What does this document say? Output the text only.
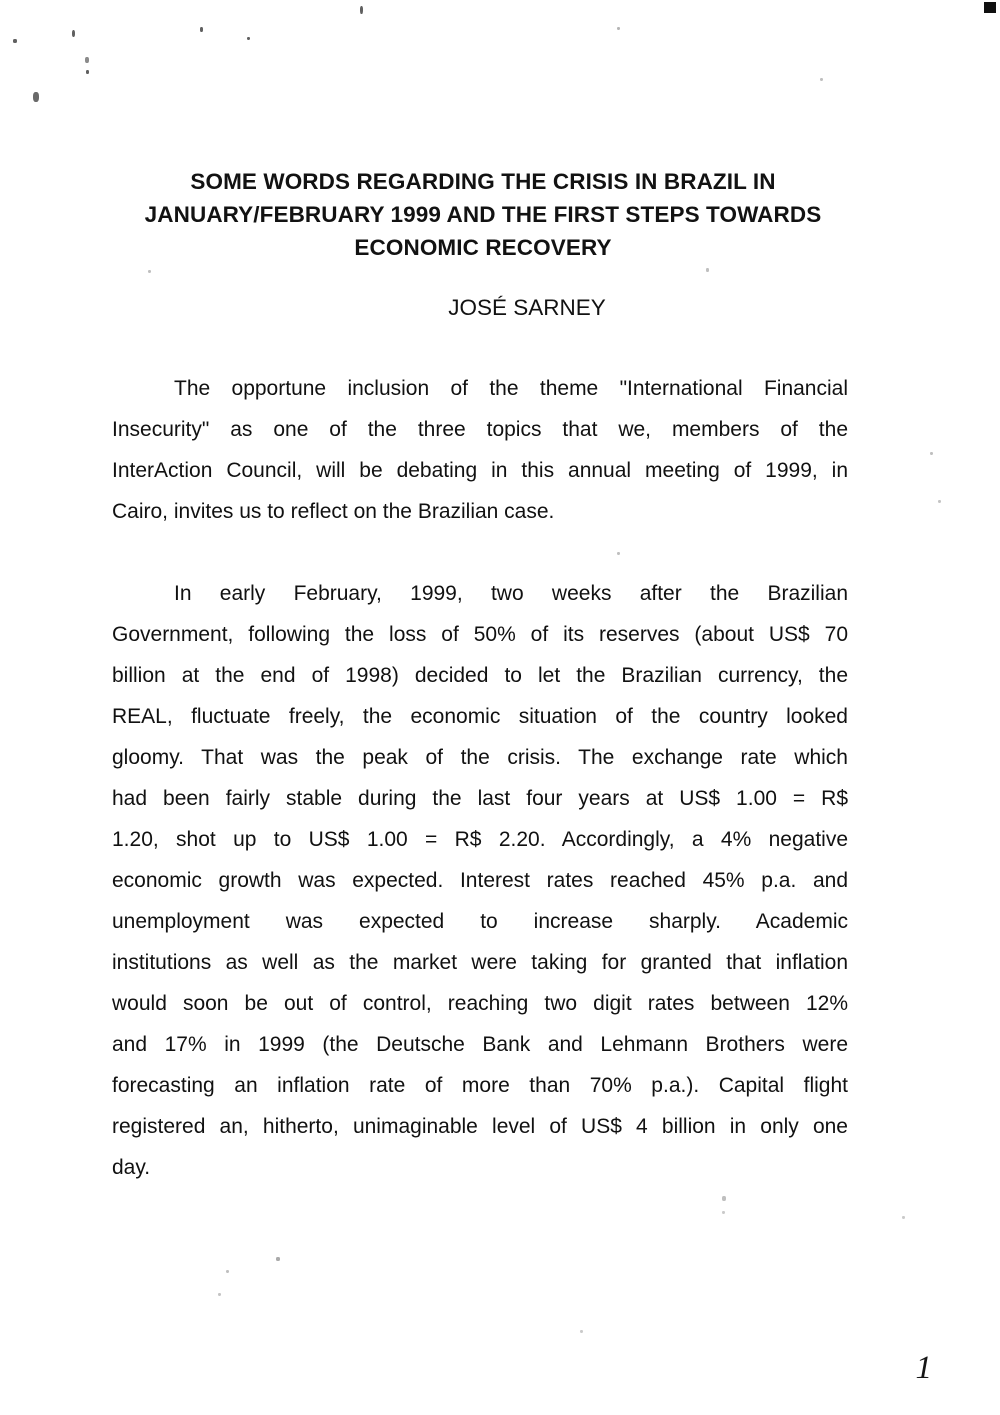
SOME WORDS REGARDING THE CRISIS IN BRAZIL IN
JANUARY/FEBRUARY 1999 AND THE FIRST STEPS TOWARDS
ECONOMIC RECOVERY
JOSÉ SARNEY

The opportune inclusion of the theme "International Financial
Insecurity" as one of the three topics that we, members of the
InterAction Council, will be debating in this annual meeting of 1999, in
Cairo, invites us to reflect on the Brazilian case.

In early February, 1999, two weeks after the Brazilian
Government, following the loss of 50% of its reserves (about US$ 70
billion at the end of 1998) decided to let the Brazilian currency, the
REAL, fluctuate freely, the economic situation of the country looked
gloomy. That was the peak of the crisis. The exchange rate which
had been fairly stable during the last four years at US$ 1.00 = R$
1.20, shot up to US$ 1.00 = R$ 2.20. Accordingly, a 4% negative
economic growth was expected. Interest rates reached 45% p.a. and
unemployment was expected to increase sharply. Academic
institutions as well as the market were taking for granted that inflation
would soon be out of control, reaching two digit rates between 12%
and 17% in 1999 (the Deutsche Bank and Lehmann Brothers were
forecasting an inflation rate of more than 70% p.a.). Capital flight
registered an, hitherto, unimaginable level of US$ 4 billion in only one
day.

1
